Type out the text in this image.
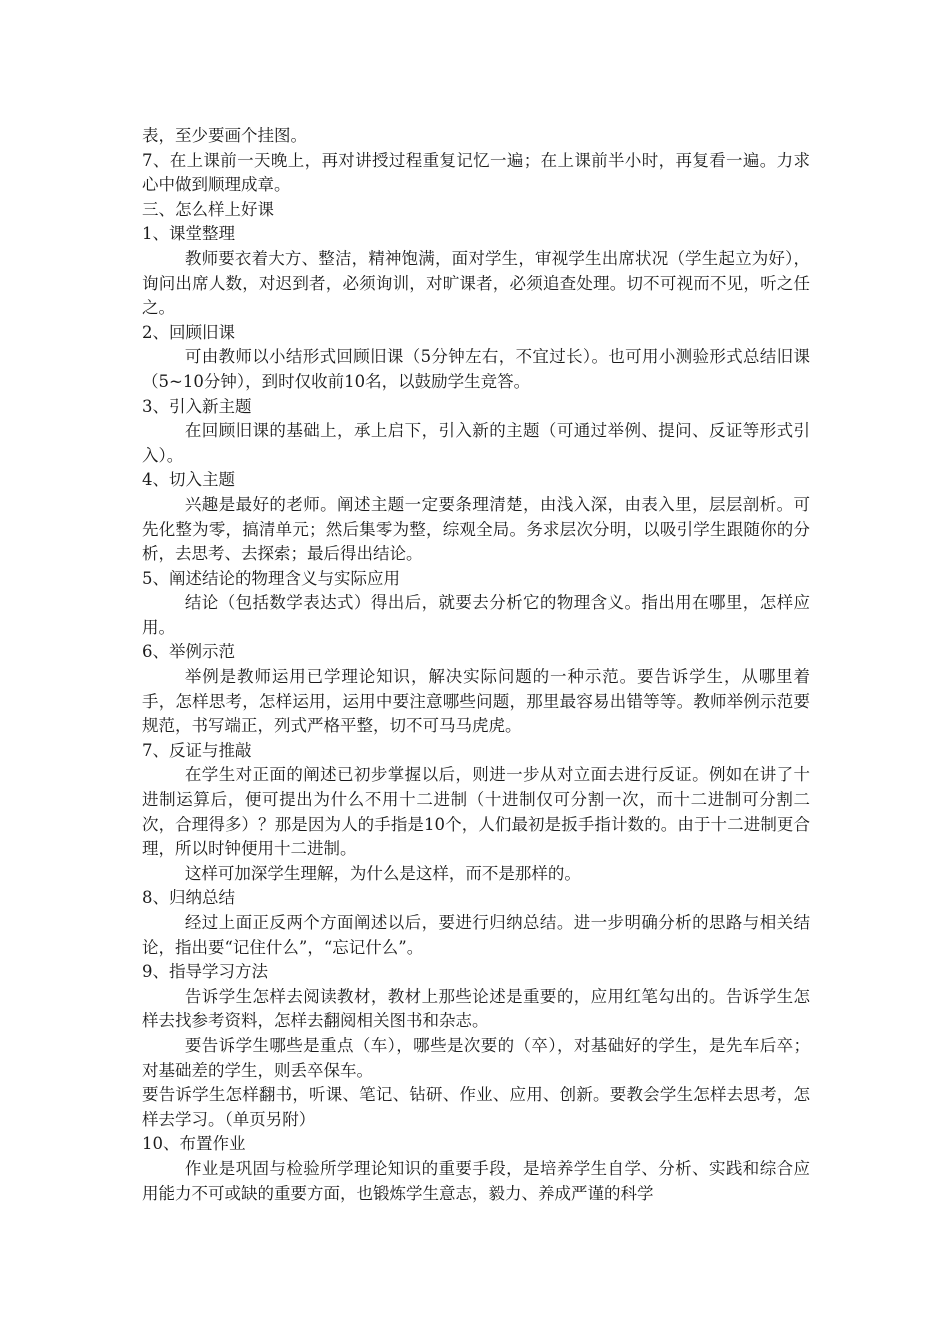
表，至少要画个挂图。

7、在上课前一天晚上，再对讲授过程重复记忆一遍；在上课前半小时，再复看一遍。力求心中做到顺理成章。

三、怎么样上好课

1、课堂整理

教师要衣着大方、整洁，精神饱满，面对学生，审视学生出席状况（学生起立为好），询问出席人数，对迟到者，必须询训，对旷课者，必须追查处理。切不可视而不见，听之任之。

2、回顾旧课

可由教师以小结形式回顾旧课（5分钟左右，不宜过长）。也可用小测验形式总结旧课（5~10分钟），到时仅收前10名，以鼓励学生竞答。

3、引入新主题

在回顾旧课的基础上，承上启下，引入新的主题（可通过举例、提问、反证等形式引入）。

4、切入主题

兴趣是最好的老师。阐述主题一定要条理清楚，由浅入深，由表入里，层层剖析。可先化整为零，搞清单元；然后集零为整，综观全局。务求层次分明，以吸引学生跟随你的分析，去思考、去探索；最后得出结论。

5、阐述结论的物理含义与实际应用

结论（包括数学表达式）得出后，就要去分析它的物理含义。指出用在哪里，怎样应用。

6、举例示范

举例是教师运用已学理论知识，解决实际问题的一种示范。要告诉学生，从哪里着手，怎样思考，怎样运用，运用中要注意哪些问题，那里最容易出错等等。教师举例示范要规范，书写端正，列式严格平整，切不可马马虎虎。

7、反证与推敲

在学生对正面的阐述已初步掌握以后，则进一步从对立面去进行反证。例如在讲了十进制运算后，便可提出为什么不用十二进制（十进制仅可分割一次，而十二进制可分割二次，合理得多）？那是因为人的手指是10个，人们最初是扳手指计数的。由于十二进制更合理，所以时钟便用十二进制。

这样可加深学生理解，为什么是这样，而不是那样的。

8、归纳总结

经过上面正反两个方面阐述以后，要进行归纳总结。进一步明确分析的思路与相关结论，指出要“记住什么”，“忘记什么”。

9、指导学习方法

告诉学生怎样去阅读教材，教材上那些论述是重要的，应用红笔勾出的。告诉学生怎样去找参考资料，怎样去翻阅相关图书和杂志。

要告诉学生哪些是重点（车），哪些是次要的（卒），对基础好的学生，是先车后卒；对基础差的学生，则丢卒保车。

要告诉学生怎样翻书，听课、笔记、钻研、作业、应用、创新。要教会学生怎样去思考，怎样去学习。（单页另附）

10、布置作业

作业是巩固与检验所学理论知识的重要手段，是培养学生自学、分析、实践和综合应用能力不可或缺的重要方面，也锻炼学生意志，毅力、养成严谨的科学
